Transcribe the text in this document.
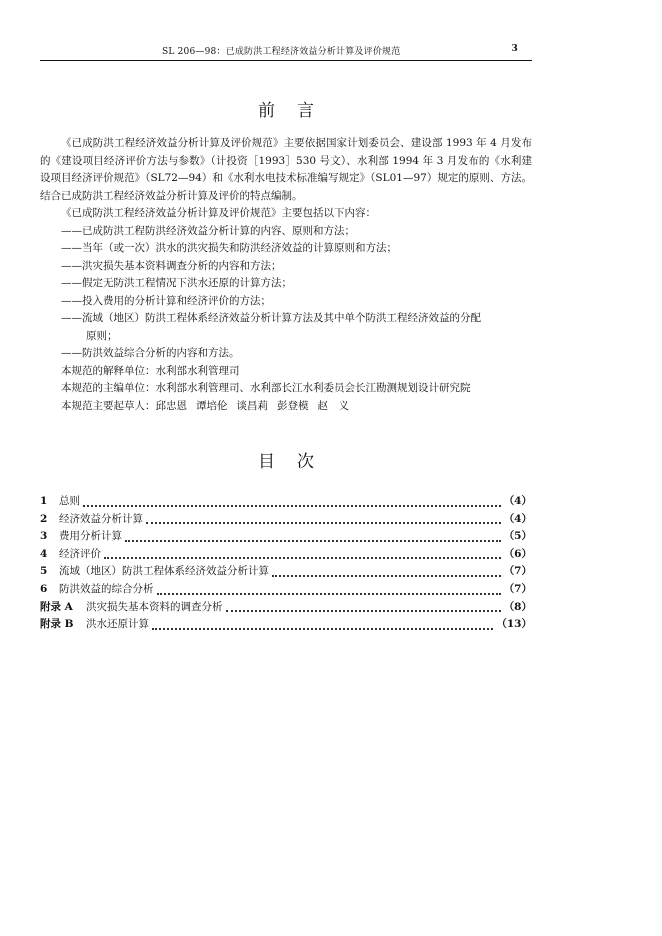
SL 206—98：已成防洪工程经济效益分析计算及评价规范	3
前言

《已成防洪工程经济效益分析计算及评价规范》主要依据国家计划委员会、建设部 1993 年 4 月发布的《建设项目经济评价方法与参数》（计投资［1993］530 号文）、水利部 1994 年 3 月发布的《水利建设项目经济评价规范》（SL72—94）和《水利水电技术标准编写规定》（SL01—97）规定的原则、方法。结合已成防洪工程经济效益分析计算及评价的特点编制。

《已成防洪工程经济效益分析计算及评价规范》主要包括以下内容：

——已成防洪工程防洪经济效益分析计算的内容、原则和方法；

——当年（或一次）洪水的洪灾损失和防洪经济效益的计算原则和方法；

——洪灾损失基本资料调查分析的内容和方法；

——假定无防洪工程情况下洪水还原的计算方法；

——投入费用的分析计算和经济评价的方法；

——流域（地区）防洪工程体系经济效益分析计算方法及其中单个防洪工程经济效益的分配

原则；

——防洪效益综合分析的内容和方法。

本规范的解释单位：水利部水利管理司

本规范的主编单位：水利部水利管理司、水利部长江水利委员会长江勘测规划设计研究院

本规范主要起草人：邱忠恩 谭培伦 谈昌莉 彭登模 赵　义

目次
1	总则	（4）
2	经济效益分析计算	（4）
3	费用分析计算	（5）
4	经济评价	（6）
5	流域（地区）防洪工程体系经济效益分析计算	（7）
6	防洪效益的综合分析	（7）
附录 A	洪灾损失基本资料的调查分析	（8）
附录 B	洪水还原计算	（13）
